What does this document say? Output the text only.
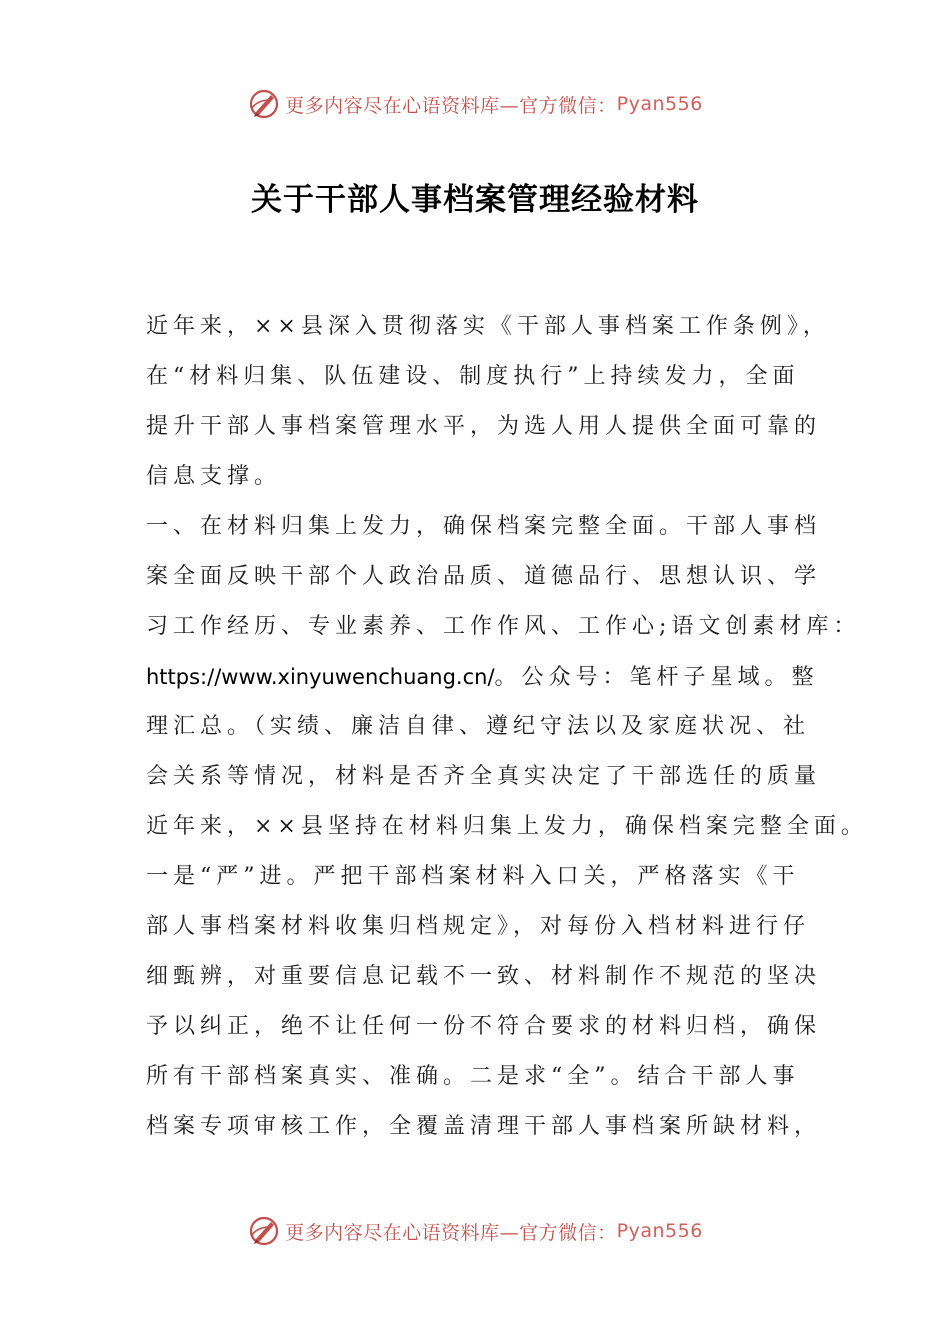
更多内容尽在心语资料库—官方微信： Pyan556
关于干部人事档案管理经验材料
近年来，××县深入贯彻落实《干部人事档案工作条例》，
在“材料归集、队伍建设、制度执行”上持续发力，全面
提升干部人事档案管理水平，为选人用人提供全面可靠的
信息支撑。
一、在材料归集上发力，确保档案完整全面。干部人事档
案全面反映干部个人政治品质、道德品行、思想认识、学
习工作经历、专业素养、工作作风、工作心;语文创素材库：
https://www.xinyuwenchuang.cn/。公众号：笔杆子星域。整
理汇总。（实绩、廉洁自律、遵纪守法以及家庭状况、社
会关系等情况，材料是否齐全真实决定了干部选任的质量
近年来，××县坚持在材料归集上发力，确保档案完整全面。
一是“严”进。严把干部档案材料入口关，严格落实《干
部人事档案材料收集归档规定》，对每份入档材料进行仔
细甄辨，对重要信息记载不一致、材料制作不规范的坚决
予以纠正，绝不让任何一份不符合要求的材料归档，确保
所有干部档案真实、准确。二是求“全”。结合干部人事
档案专项审核工作，全覆盖清理干部人事档案所缺材料，
更多内容尽在心语资料库—官方微信： Pyan556
